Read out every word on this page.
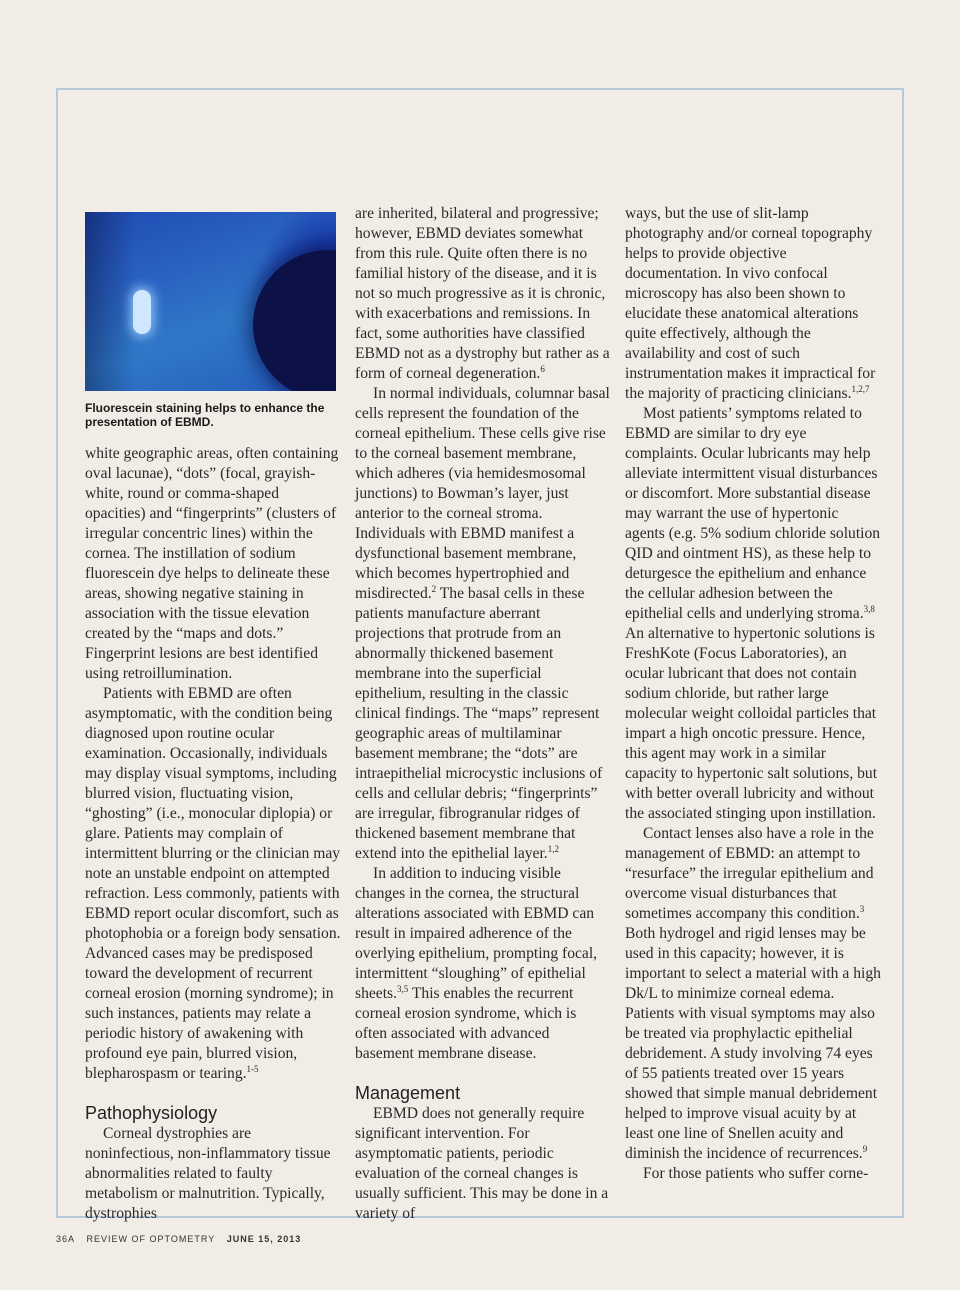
Fluorescein staining helps to enhance the presentation of EBMD.

white geographic areas, often containing oval lacunae), “dots” (focal, grayish-white, round or comma-shaped opacities) and “fingerprints” (clusters of irregular concentric lines) within the cornea. The instillation of sodium fluorescein dye helps to delineate these areas, showing negative staining in association with the tissue elevation created by the “maps and dots.” Fingerprint lesions are best identified using retroillumination.

Patients with EBMD are often asymptomatic, with the condition being diagnosed upon routine ocular examination. Occasionally, individuals may display visual symptoms, including blurred vision, fluctuating vision, “ghosting” (i.e., monocular diplopia) or glare. Patients may complain of intermittent blurring or the clinician may note an unstable endpoint on attempted refraction. Less commonly, patients with EBMD report ocular discomfort, such as photophobia or a foreign body sensation. Advanced cases may be predisposed toward the development of recurrent corneal erosion (morning syndrome); in such instances, patients may relate a periodic history of awakening with profound eye pain, blurred vision, blepharospasm or tearing.$^{1-5}$

Pathophysiology

Corneal dystrophies are noninfectious, non-inflammatory tissue abnormalities related to faulty metabolism or malnutrition. Typically, dystrophies

are inherited, bilateral and progressive; however, EBMD deviates somewhat from this rule. Quite often there is no familial history of the disease, and it is not so much progressive as it is chronic, with exacerbations and remissions. In fact, some authorities have classified EBMD not as a dystrophy but rather as a form of corneal degeneration.$^6$

In normal individuals, columnar basal cells represent the foundation of the corneal epithelium. These cells give rise to the corneal basement membrane, which adheres (via hemidesmosomal junctions) to Bowman’s layer, just anterior to the corneal stroma. Individuals with EBMD manifest a dysfunctional basement membrane, which becomes hypertrophied and misdirected.$^2$ The basal cells in these patients manufacture aberrant projections that protrude from an abnormally thickened basement membrane into the superficial epithelium, resulting in the classic clinical findings. The “maps” represent geographic areas of multilaminar basement membrane; the “dots” are intraepithelial microcystic inclusions of cells and cellular debris; “fingerprints” are irregular, fibrogranular ridges of thickened basement membrane that extend into the epithelial layer.$^{1,2}$

In addition to inducing visible changes in the cornea, the structural alterations associated with EBMD can result in impaired adherence of the overlying epithelium, prompting focal, intermittent “sloughing” of epithelial sheets.$^{3,5}$ This enables the recurrent corneal erosion syndrome, which is often associated with advanced basement membrane disease.

Management

EBMD does not generally require significant intervention. For asymptomatic patients, periodic evaluation of the corneal changes is usually sufficient. This may be done in a variety of

ways, but the use of slit-lamp photography and/or corneal topography helps to provide objective documentation. In vivo confocal microscopy has also been shown to elucidate these anatomical alterations quite effectively, although the availability and cost of such instrumentation makes it impractical for the majority of practicing clinicians.$^{1,2,7}$

Most patients’ symptoms related to EBMD are similar to dry eye complaints. Ocular lubricants may help alleviate intermittent visual disturbances or discomfort. More substantial disease may warrant the use of hypertonic agents (e.g. 5% sodium chloride solution QID and ointment HS), as these help to deturgesce the epithelium and enhance the cellular adhesion between the epithelial cells and underlying stroma.$^{3,8}$ An alternative to hypertonic solutions is FreshKote (Focus Laboratories), an ocular lubricant that does not contain sodium chloride, but rather large molecular weight colloidal particles that impart a high oncotic pressure. Hence, this agent may work in a similar capacity to hypertonic salt solutions, but with better overall lubricity and without the associated stinging upon instillation.

Contact lenses also have a role in the management of EBMD: an attempt to “resurface” the irregular epithelium and overcome visual disturbances that sometimes accompany this condition.$^3$ Both hydrogel and rigid lenses may be used in this capacity; however, it is important to select a material with a high Dk/L to minimize corneal edema. Patients with visual symptoms may also be treated via prophylactic epithelial debridement. A study involving 74 eyes of 55 patients treated over 15 years showed that simple manual debridement helped to improve visual acuity by at least one line of Snellen acuity and diminish the incidence of recurrences.$^9$

For those patients who suffer corne-

36A REVIEW OF OPTOMETRY JUNE 15, 2013
